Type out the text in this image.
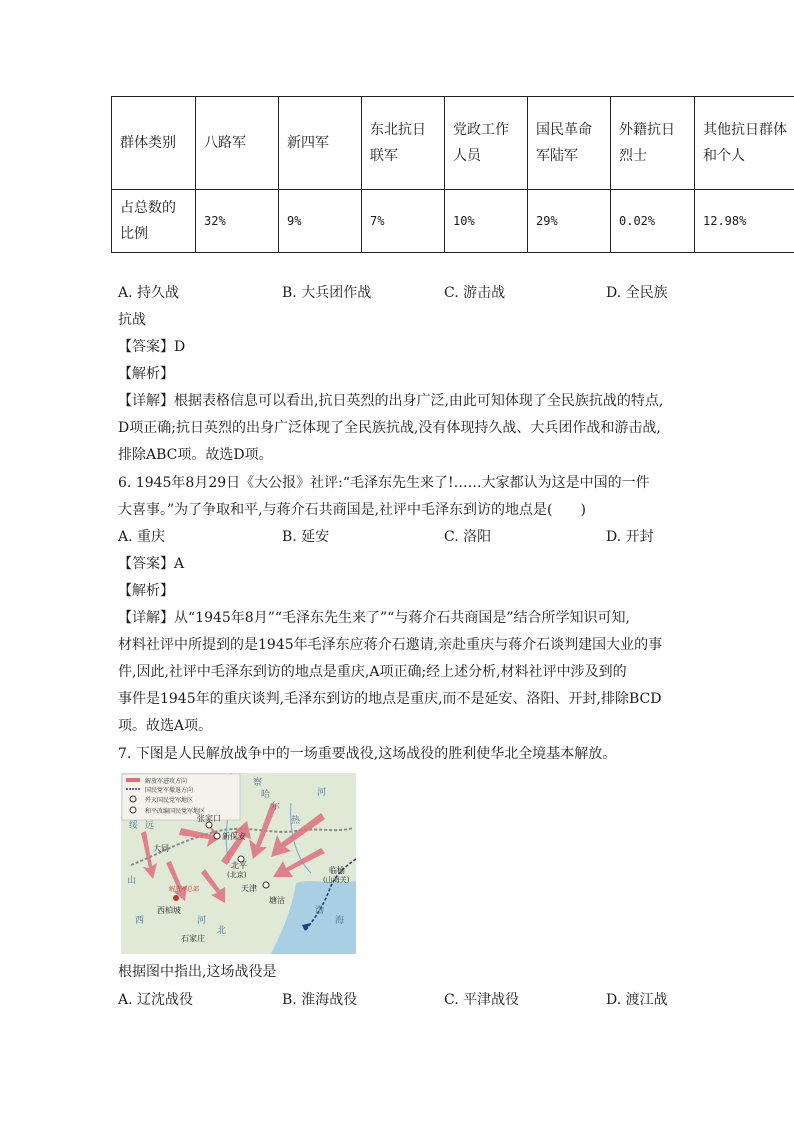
群体类别	八路军	新四军	东北抗日联军	党政工作人员	国民革命军陆军	外籍抗日烈士	其他抗日群体和个人
占总数的比例	32%	9%	7%	10%	29%	0.02%	12.98%
A. 持久战	B. 大兵团作战	C. 游击战	D. 全民族
抗战
【答案】D
【解析】
【详解】根据表格信息可以看出,抗日英烈的出身广泛,由此可知体现了全民族抗战的特点,
D项正确;抗日英烈的出身广泛体现了全民族抗战,没有体现持久战、大兵团作战和游击战,
排除ABC项。故选D项。
6. 1945年8月29日《大公报》社评:“毛泽东先生来了!……大家都认为这是中国的一件
大喜事。”为了争取和平,与蒋介石共商国是,社评中毛泽东到访的地点是(　　)
A. 重庆	B. 延安	C. 洛阳	D. 开封
【答案】A
【解析】
【详解】从“1945年8月”“毛泽东先生来了”“与蒋介石共商国是”结合所学知识可知,
材料社评中所提到的是1945年毛泽东应蒋介石邀请,亲赴重庆与蒋介石谈判建国大业的事
件,因此,社评中毛泽东到访的地点是重庆,A项正确;经上述分析,材料社评中涉及到的
事件是1945年的重庆谈判,毛泽东到访的地点是重庆,而不是延安、洛阳、开封,排除BCD
项。故选A项。
7. 下图是人民解放战争中的一场重要战役,这场战役的胜利使华北全境基本解放。
解放军进攻方向
国民党军撤退方向
歼灭国民党军地区
和平改编国民党军地区
张家口
新保安
北平
(北京)
天津
大同
临榆
(山海关)
塘沽
西柏坡
石家庄
解放军总部
河
渤
海
察
哈
尔
热
绥 远
山
西	河
北
根据图中指出,这场战役是
A. 辽沈战役	B. 淮海战役	C. 平津战役	D. 渡江战
